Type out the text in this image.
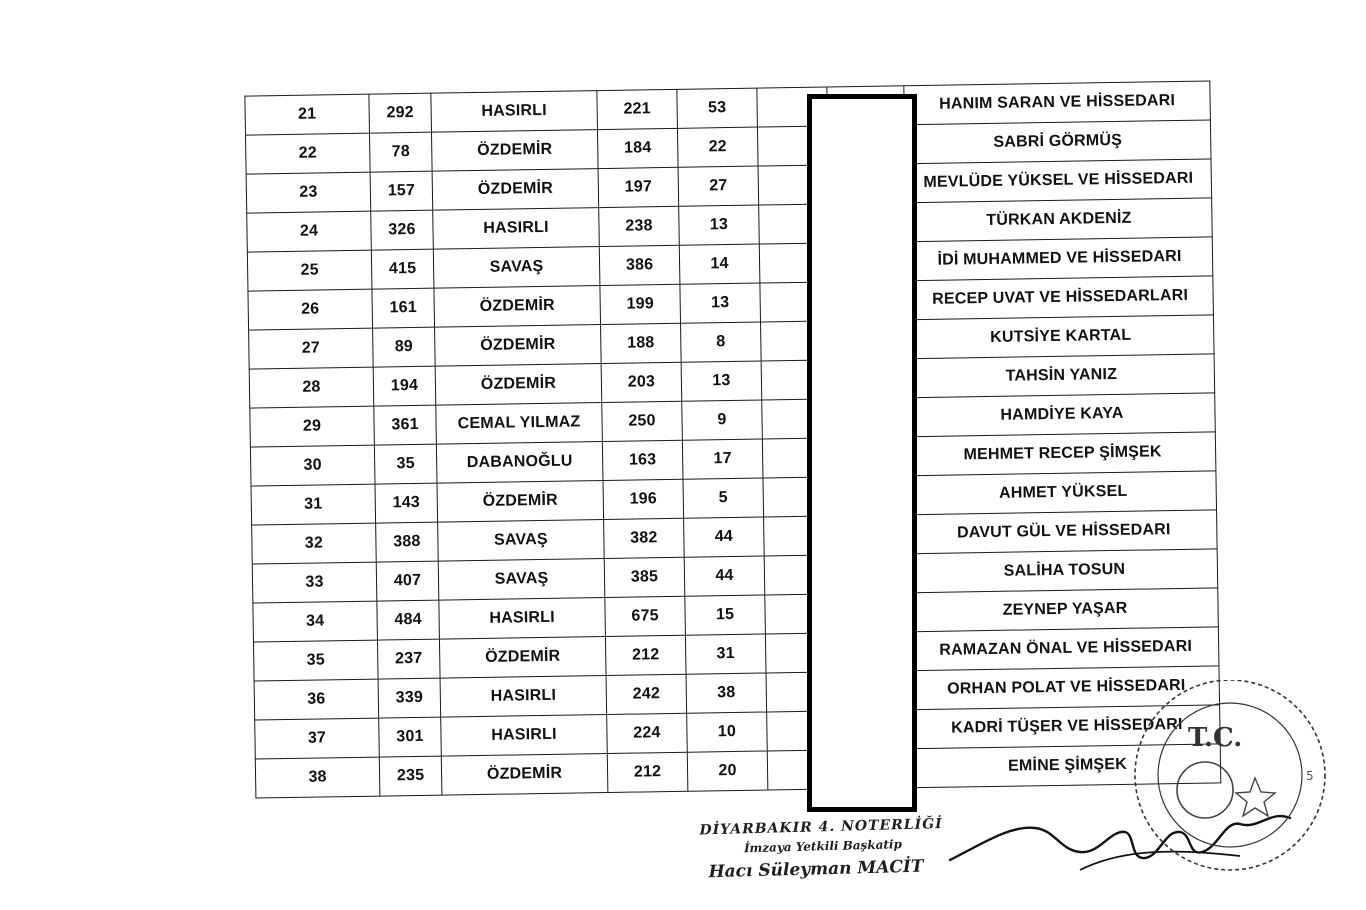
21	292	HASIRLI	221	53			HANIM SARAN VE HİSSEDARI
22	78	ÖZDEMİR	184	22			SABRİ GÖRMÜŞ
23	157	ÖZDEMİR	197	27			MEVLÜDE YÜKSEL VE HİSSEDARI
24	326	HASIRLI	238	13			TÜRKAN AKDENİZ
25	415	SAVAŞ	386	14			İDİ MUHAMMED VE HİSSEDARI
26	161	ÖZDEMİR	199	13			RECEP UVAT VE HİSSEDARLARI
27	89	ÖZDEMİR	188	8			KUTSİYE KARTAL
28	194	ÖZDEMİR	203	13			TAHSİN YANIZ
29	361	CEMAL YILMAZ	250	9			HAMDİYE KAYA
30	35	DABANOĞLU	163	17			MEHMET RECEP ŞİMŞEK
31	143	ÖZDEMİR	196	5			AHMET YÜKSEL
32	388	SAVAŞ	382	44			DAVUT GÜL VE HİSSEDARI
33	407	SAVAŞ	385	44			SALİHA TOSUN
34	484	HASIRLI	675	15			ZEYNEP YAŞAR
35	237	ÖZDEMİR	212	31			RAMAZAN ÖNAL VE HİSSEDARI
36	339	HASIRLI	242	38			ORHAN POLAT VE HİSSEDARI
37	301	HASIRLI	224	10			KADRİ TÜŞER VE HİSSEDARI
38	235	ÖZDEMİR	212	20			EMİNE ŞİMŞEK
T.C.
5
DİYARBAKIR 4. NOTERLİĞİ
İmzaya Yetkili Başkatip
Hacı Süleyman MACİT
